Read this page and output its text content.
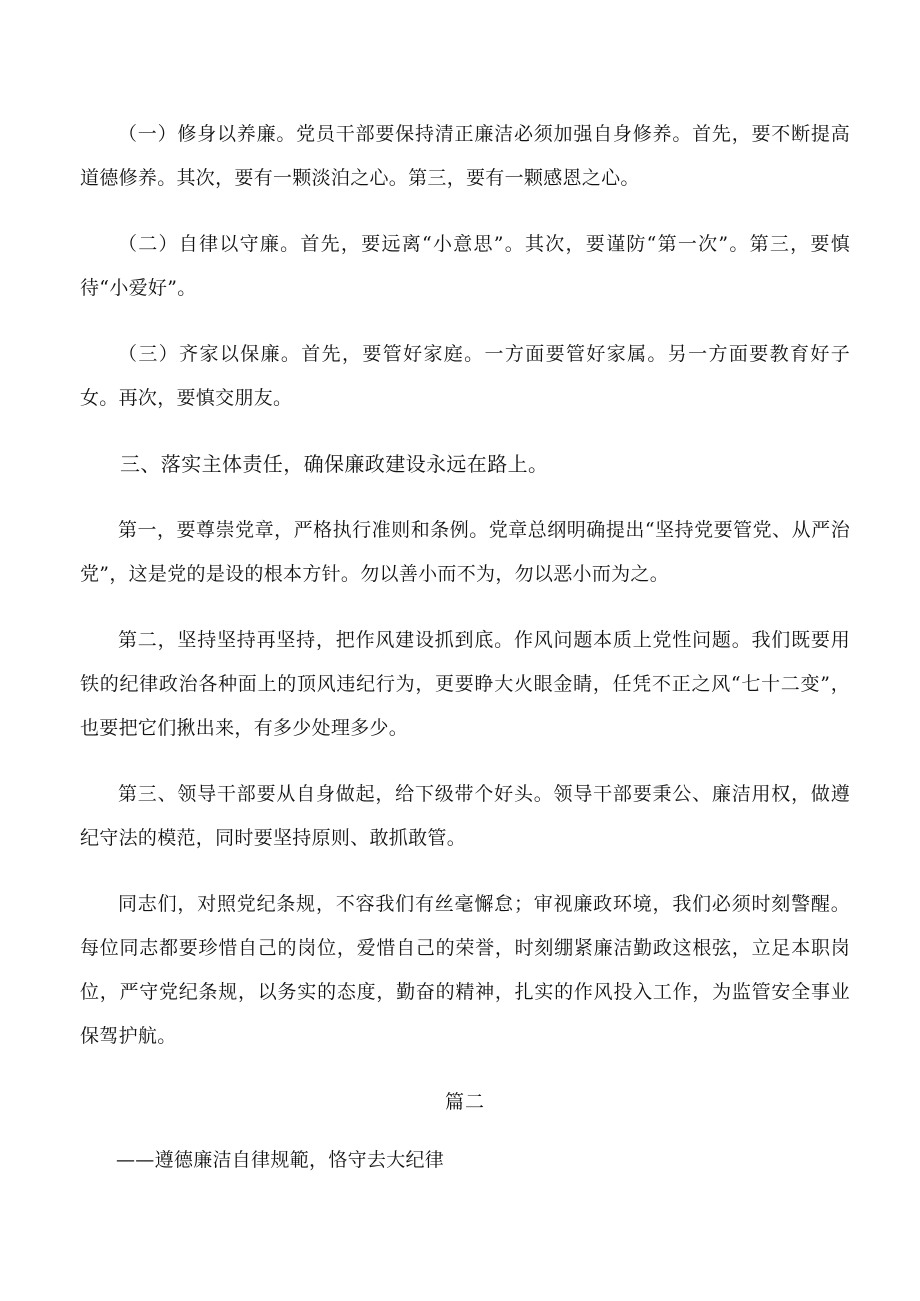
（一）修身以养廉。党员干部要保持清正廉洁必须加强自身修养。首先，要不断提高道德修养。其次，要有一颗淡泊之心。第三，要有一颗感恩之心。

（二）自律以守廉。首先，要远离“小意思”。其次，要谨防“第一次”。第三，要慎待“小爱好”。

（三）齐家以保廉。首先，要管好家庭。一方面要管好家属。另一方面要教育好子女。再次，要慎交朋友。

三、落实主体责任，确保廉政建设永远在路上。

第一，要尊崇党章，严格执行准则和条例。党章总纲明确提出“坚持党要管党、从严治党”，这是党的是设的根本方针。勿以善小而不为，勿以恶小而为之。

第二，坚持坚持再坚持，把作风建设抓到底。作风问题本质上党性问题。我们既要用铁的纪律政治各种面上的顶风违纪行为，更要睁大火眼金睛，任凭不正之风“七十二变”，也要把它们揪出来，有多少处理多少。

第三、领导干部要从自身做起，给下级带个好头。领导干部要秉公、廉洁用权，做遵纪守法的模范，同时要坚持原则、敢抓敢管。

同志们，对照党纪条规，不容我们有丝毫懈怠；审视廉政环境，我们必须时刻警醒。每位同志都要珍惜自己的岗位，爱惜自己的荣誉，时刻绷紧廉洁勤政这根弦，立足本职岗位，严守党纪条规，以务实的态度，勤奋的精神，扎实的作风投入工作，为监管安全事业保驾护航。

篇二
——遵德廉洁自律规範，恪守去大纪律
